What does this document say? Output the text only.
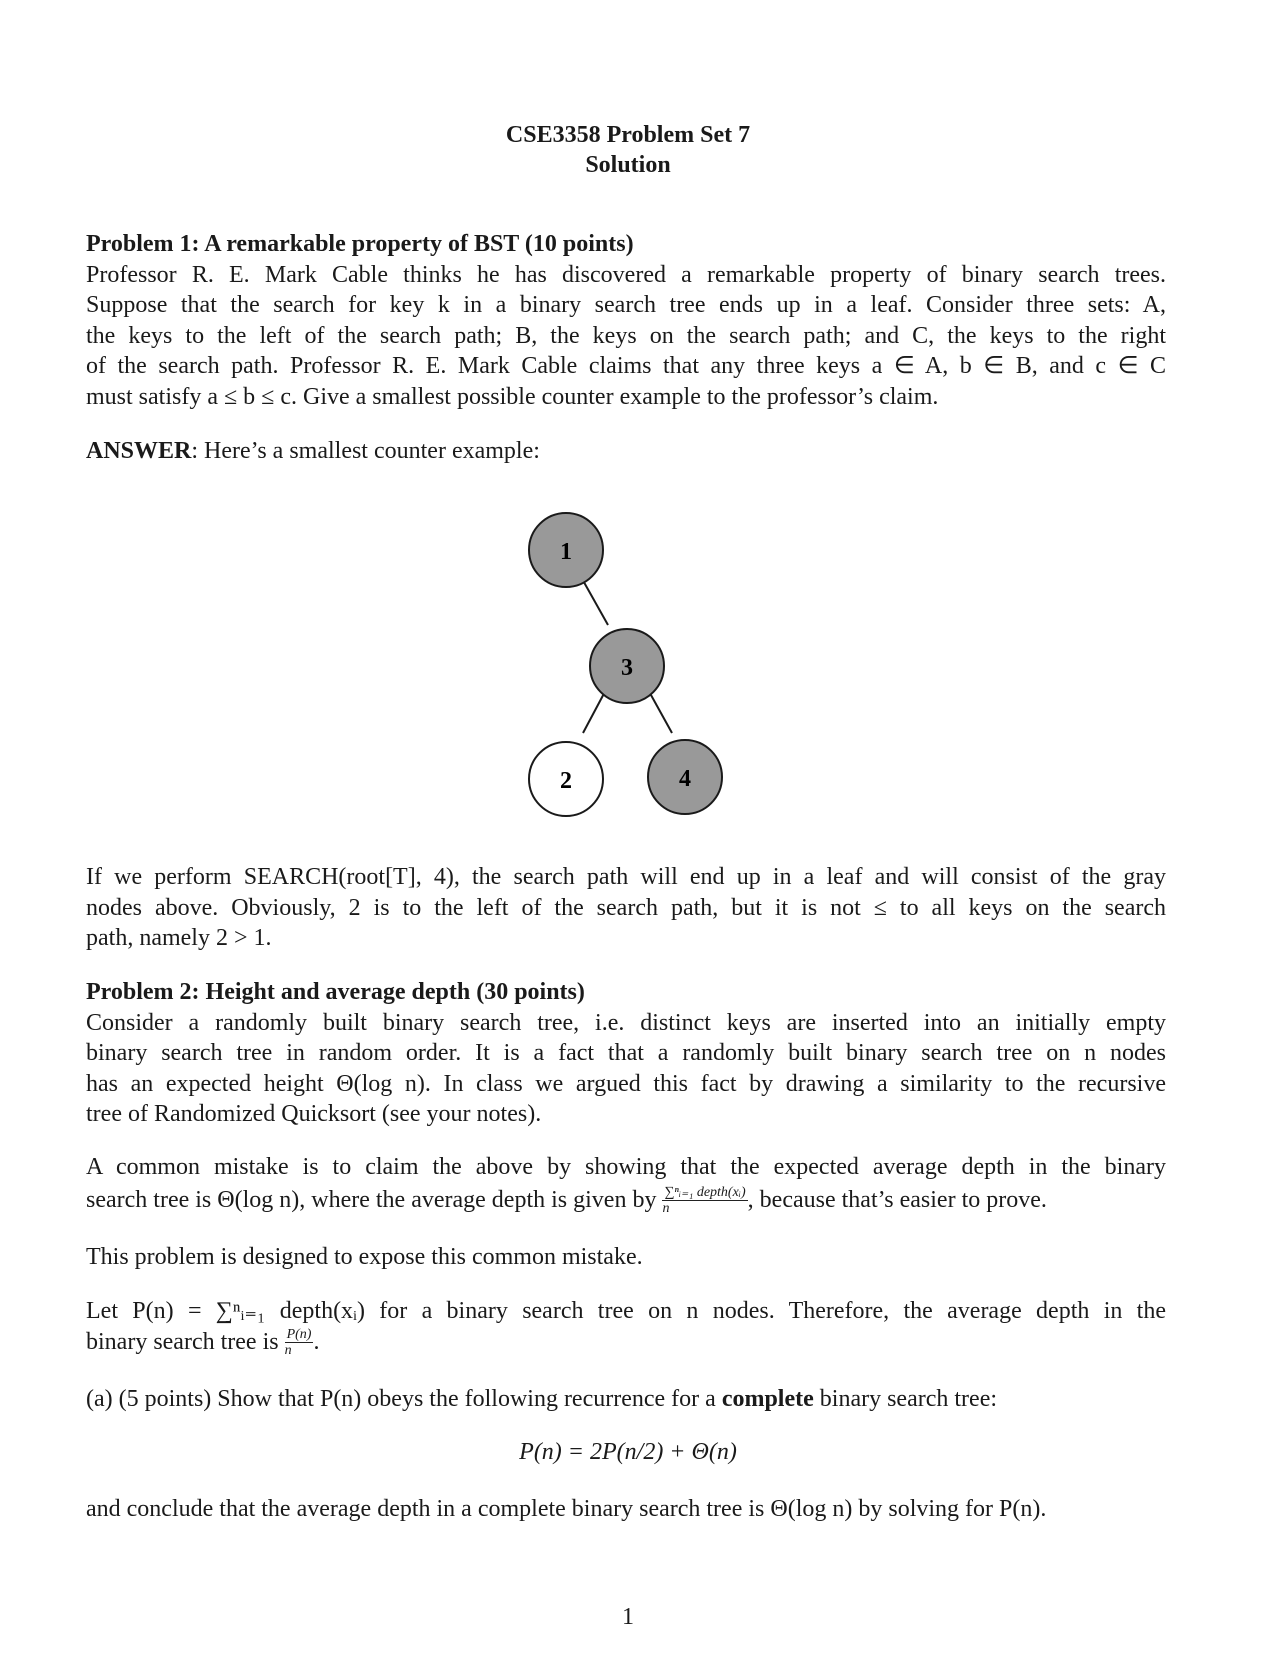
CSE3358 Problem Set 7
Solution
Problem 1: A remarkable property of BST (10 points)
Professor R. E. Mark Cable thinks he has discovered a remarkable property of binary search trees.
Suppose that the search for key k in a binary search tree ends up in a leaf. Consider three sets: A,
the keys to the left of the search path; B, the keys on the search path; and C, the keys to the right
of the search path. Professor R. E. Mark Cable claims that any three keys a ∈ A, b ∈ B, and c ∈ C
must satisfy a ≤ b ≤ c. Give a smallest possible counter example to the professor’s claim.
ANSWER: Here’s a smallest counter example:
1
3
2	4
If we perform SEARCH(root[T], 4), the search path will end up in a leaf and will consist of the gray
nodes above. Obviously, 2 is to the left of the search path, but it is not ≤ to all keys on the search
path, namely 2 > 1.
Problem 2: Height and average depth (30 points)
Consider a randomly built binary search tree, i.e. distinct keys are inserted into an initially empty
binary search tree in random order. It is a fact that a randomly built binary search tree on n nodes
has an expected height Θ(log n). In class we argued this fact by drawing a similarity to the recursive
tree of Randomized Quicksort (see your notes).
A common mistake is to claim the above by showing that the expected average depth in the binary
search tree is Θ(log n), where the average depth is given by $\frac{\text{∑ⁿᵢ₌₁ depth(xᵢ)}}{n}$ , because that’s easier to prove.
This problem is designed to expose this common mistake.
Let P(n) = ∑ⁿᵢ₌₁ depth(xᵢ) for a binary search tree on n nodes. Therefore, the average depth in the
binary search tree is $\frac{P(n)}{n}$ .
(a) (5 points) Show that P(n) obeys the following recurrence for a complete binary search tree:
P(n) = 2P(n/2) + Θ(n)
and conclude that the average depth in a complete binary search tree is Θ(log n) by solving for P(n).
1
